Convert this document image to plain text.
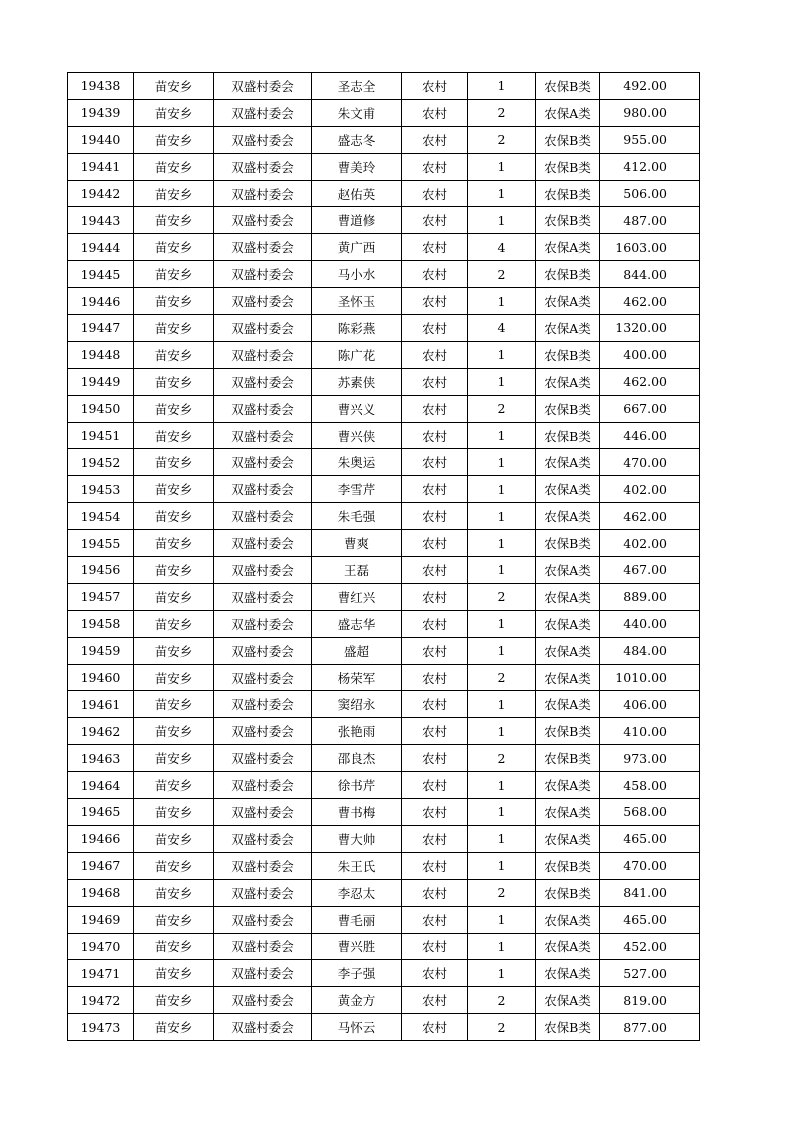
19438	苗安乡	双盛村委会	圣志全	农村	1	农保B类	492.00
19439	苗安乡	双盛村委会	朱文甫	农村	2	农保A类	980.00
19440	苗安乡	双盛村委会	盛志冬	农村	2	农保B类	955.00
19441	苗安乡	双盛村委会	曹美玲	农村	1	农保B类	412.00
19442	苗安乡	双盛村委会	赵佑英	农村	1	农保B类	506.00
19443	苗安乡	双盛村委会	曹道修	农村	1	农保B类	487.00
19444	苗安乡	双盛村委会	黄广西	农村	4	农保A类	1603.00
19445	苗安乡	双盛村委会	马小水	农村	2	农保B类	844.00
19446	苗安乡	双盛村委会	圣怀玉	农村	1	农保A类	462.00
19447	苗安乡	双盛村委会	陈彩燕	农村	4	农保A类	1320.00
19448	苗安乡	双盛村委会	陈广花	农村	1	农保B类	400.00
19449	苗安乡	双盛村委会	苏素侠	农村	1	农保A类	462.00
19450	苗安乡	双盛村委会	曹兴义	农村	2	农保B类	667.00
19451	苗安乡	双盛村委会	曹兴侠	农村	1	农保B类	446.00
19452	苗安乡	双盛村委会	朱奥运	农村	1	农保A类	470.00
19453	苗安乡	双盛村委会	李雪芹	农村	1	农保A类	402.00
19454	苗安乡	双盛村委会	朱毛强	农村	1	农保A类	462.00
19455	苗安乡	双盛村委会	曹爽	农村	1	农保B类	402.00
19456	苗安乡	双盛村委会	王磊	农村	1	农保A类	467.00
19457	苗安乡	双盛村委会	曹红兴	农村	2	农保A类	889.00
19458	苗安乡	双盛村委会	盛志华	农村	1	农保A类	440.00
19459	苗安乡	双盛村委会	盛超	农村	1	农保A类	484.00
19460	苗安乡	双盛村委会	杨荣军	农村	2	农保A类	1010.00
19461	苗安乡	双盛村委会	窦绍永	农村	1	农保A类	406.00
19462	苗安乡	双盛村委会	张艳雨	农村	1	农保B类	410.00
19463	苗安乡	双盛村委会	邵良杰	农村	2	农保B类	973.00
19464	苗安乡	双盛村委会	徐书芹	农村	1	农保A类	458.00
19465	苗安乡	双盛村委会	曹书梅	农村	1	农保A类	568.00
19466	苗安乡	双盛村委会	曹大帅	农村	1	农保A类	465.00
19467	苗安乡	双盛村委会	朱王氏	农村	1	农保B类	470.00
19468	苗安乡	双盛村委会	李忍太	农村	2	农保B类	841.00
19469	苗安乡	双盛村委会	曹毛丽	农村	1	农保A类	465.00
19470	苗安乡	双盛村委会	曹兴胜	农村	1	农保A类	452.00
19471	苗安乡	双盛村委会	李子强	农村	1	农保A类	527.00
19472	苗安乡	双盛村委会	黄金方	农村	2	农保A类	819.00
19473	苗安乡	双盛村委会	马怀云	农村	2	农保B类	877.00
